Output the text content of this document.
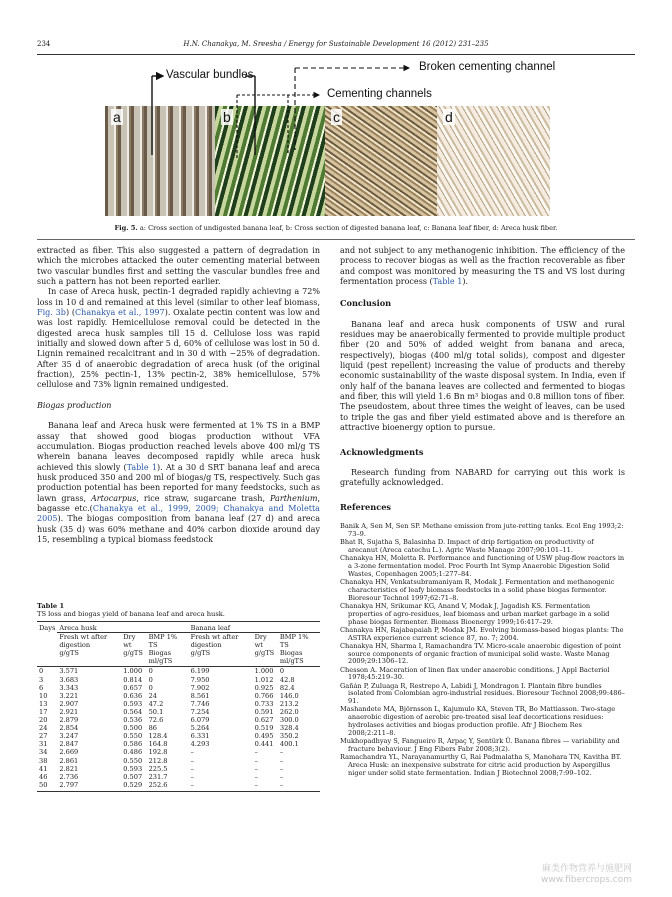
234	H.N. Chanakya, M. Sreesha / Energy for Sustainable Development 16 (2012) 231–235
a	b	c	d
Vascular bundles
Broken cementing channel
Cementing channels
Fig. 5. a: Cross section of undigested banana leaf, b: Cross section of digested banana leaf, c: Banana leaf fiber, d: Areca husk fiber.

extracted as fiber. This also suggested a pattern of degradation in which the microbes attacked the outer cementing material between two vascular bundles first and setting the vascular bundles free and such a pattern has not been reported earlier.

In case of Areca husk, pectin-1 degraded rapidly achieving a 72% loss in 10 d and remained at this level (similar to other leaf biomass, Fig. 3b) (Chanakya et al., 1997). Oxalate pectin content was low and was lost rapidly. Hemicellulose removal could be detected in the digested areca husk samples till 15 d. Cellulose loss was rapid initially and slowed down after 5 d, 60% of cellulose was lost in 50 d. Lignin remained recalcitrant and in 30 d with ~25% of degradation. After 35 d of anaerobic degradation of areca husk (of the original fraction), 25% pectin-1, 13% pectin-2, 38% hemicellulose, 57% cellulose and 73% lignin remained undigested.

Biogas production

Banana leaf and Areca husk were fermented at 1% TS in a BMP assay that showed good biogas production without VFA accumulation. Biogas production reached levels above 400 ml/g TS wherein banana leaves decomposed rapidly while areca husk achieved this slowly (Table 1). At a 30 d SRT banana leaf and areca husk produced 350 and 200 ml of biogas/g TS, respectively. Such gas production potential has been reported for many feedstocks, such as lawn grass, Artocarpus, rice straw, sugarcane trash, Parthenium, bagasse etc.(Chanakya et al., 1999, 2009; Chanakya and Moletta 2005). The biogas composition from banana leaf (27 d) and areca husk (35 d) was 60% methane and 40% carbon dioxide around day 15, resembling a typical biomass feedstock

Table 1
TS loss and biogas yield of banana leaf and areca husk.
Days	Areca husk			Banana leaf		
	Fresh wt after digestion	Dry wt	BMP 1% TS	Fresh wt after digestion	Dry wt	BMP 1% TS
	g/gTS	g/gTS	Biogas ml/gTS	g/gTS	g/gTS	Biogas ml/gTS
0	3.571	1.000	0	6.199	1.000	0
3	3.683	0.814	0	7.950	1.012	42.8
6	3.343	0.657	0	7.902	0.925	82.4
10	3.221	0.636	24	8.561	0.766	146.0
13	2.907	0.593	47.2	7.746	0.733	213.2
17	2.921	0.564	50.1	7.254	0.591	262.0
20	2.879	0.536	72.6	6.079	0.627	300.0
24	2.854	0.500	86	5.264	0.519	328.4
27	3.247	0.550	128.4	6.331	0.495	350.2
31	2.847	0.586	164.8	4.293	0.441	400.1
34	2.669	0.486	192.8	–	–	–
38	2.861	0.550	212.8	–	–	–
41	2.821	0.593	225.5	–	–	–
46	2.736	0.507	231.7	–	–	–
50	2.797	0.529	252.6	–	–	–

and not subject to any methanogenic inhibition. The efficiency of the process to recover biogas as well as the fraction recoverable as fiber and compost was monitored by measuring the TS and VS lost during fermentation process (Table 1).

Conclusion

Banana leaf and areca husk components of USW and rural residues may be anaerobically fermented to provide multiple product fiber (20 and 50% of added weight from banana and areca, respectively), biogas (400 ml/g total solids), compost and digester liquid (pest repellent) increasing the value of products and thereby economic sustainability of the waste disposal system. In India, even if only half of the banana leaves are collected and fermented to biogas and fiber, this will yield 1.6 Bn m³ biogas and 0.8 million tons of fiber. The pseudostem, about three times the weight of leaves, can be used to triple the gas and fiber yield estimated above and is therefore an attractive bioenergy option to pursue.

Acknowledgments

Research funding from NABARD for carrying out this work is gratefully acknowledged.

References
Banik A, Sen M, Sen SP. Methane emission from jute-retting tanks. Ecol Eng 1993;2: 73–9.
Bhat R, Sujatha S, Balasinha D. Impact of drip fertigation on productivity of arecanut (Areca catechu L.). Agric Waste Manage 2007;90:101–11.
Chanakya HN, Moletta R. Performance and functioning of USW plug-flow reactors in a 3-zone fermentation model. Proc Fourth Int Symp Anaerobic Digestion Solid Wastes, Copenhagen 2005;1:277–84.
Chanakya HN, Venkatsubramaniyam R, Modak J. Fermentation and methanogenic characteristics of leafy biomass feedstocks in a solid phase biogas fermentor. Bioresour Technol 1997;62:71–8.
Chanakya HN, Srikumar KG, Anand V, Modak J, Jagadish KS. Fermentation properties of agro-residues, leaf biomass and urban market garbage in a solid phase biogas fermenter. Biomass Bioenergy 1999;16:417–29.
Chanakya HN, Rajabapaiah P, Modak JM. Evolving biomass-based biogas plants: The ASTRA experience current science 87, no. 7; 2004.
Chanakya HN, Sharma I, Ramachandra TV. Micro-scale anaerobic digestion of point source components of organic fraction of municipal solid waste. Waste Manag 2009;29:1306–12.
Chesson A. Maceration of linen flax under anaerobic conditions. J Appl Bacteriol 1978;45:219–30.
Gañán P, Zuluaga R, Restrepo A, Labidi J, Mondragon I. Plantain fibre bundles isolated from Colombian agro-industrial residues. Bioresour Technol 2008;99:486–91.
Mashandete MA, Björnsson L, Kajumulo KA, Steven TR, Bo Mattiasson. Two-stage anaerobic digestion of aerobic pre-treated sisal leaf decortications residues: hydrolases activities and biogas production profile. Afr J Biochem Res 2008;2:211–8.
Mukhopadhyay S, Fangueiro R, Arpaç Y, Şentürk Ü. Banana fibres — variability and fracture behaviour. J Eng Fibers Fabr 2008;3(2).
Ramachandra YL, Narayanamurthy G, Rai Padmalatha S, Manohara TN, Kavitha BT. Areca Husk: an inexpensive substrate for citric acid production by Aspergillus niger under solid state fermentation. Indian J Biotechnol 2008;7:99–102.
麻类作物营养与施肥网
www.fibercrops.com
